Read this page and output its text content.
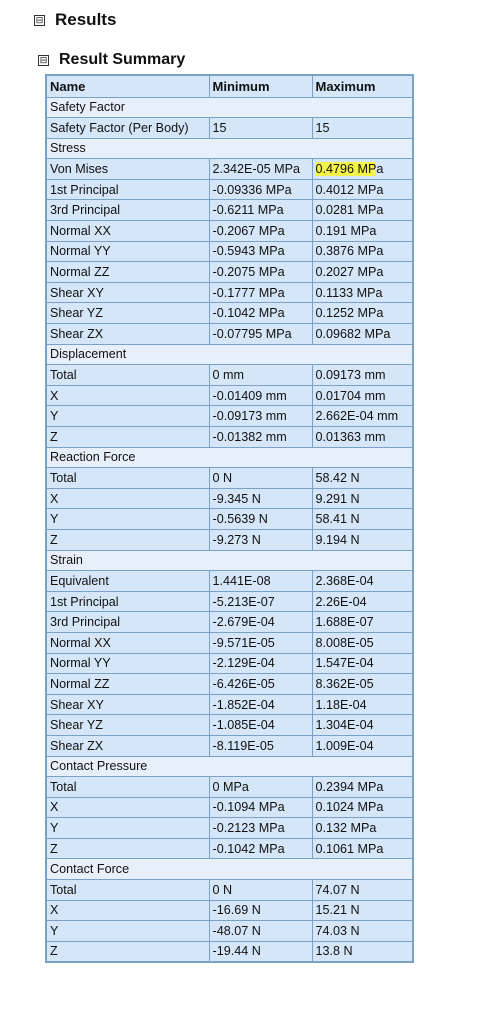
⊟ Results
⊟ Result Summary
Name	Minimum	Maximum
Safety Factor		
Safety Factor (Per Body)	15	15
Stress		
Von Mises	2.342E-05 MPa	0.4796 MPa
1st Principal	-0.09336 MPa	0.4012 MPa
3rd Principal	-0.6211 MPa	0.0281 MPa
Normal XX	-0.2067 MPa	0.191 MPa
Normal YY	-0.5943 MPa	0.3876 MPa
Normal ZZ	-0.2075 MPa	0.2027 MPa
Shear XY	-0.1777 MPa	0.1133 MPa
Shear YZ	-0.1042 MPa	0.1252 MPa
Shear ZX	-0.07795 MPa	0.09682 MPa
Displacement		
Total	0 mm	0.09173 mm
X	-0.01409 mm	0.01704 mm
Y	-0.09173 mm	2.662E-04 mm
Z	-0.01382 mm	0.01363 mm
Reaction Force		
Total	0 N	58.42 N
X	-9.345 N	9.291 N
Y	-0.5639 N	58.41 N
Z	-9.273 N	9.194 N
Strain		
Equivalent	1.441E-08	2.368E-04
1st Principal	-5.213E-07	2.26E-04
3rd Principal	-2.679E-04	1.688E-07
Normal XX	-9.571E-05	8.008E-05
Normal YY	-2.129E-04	1.547E-04
Normal ZZ	-6.426E-05	8.362E-05
Shear XY	-1.852E-04	1.18E-04
Shear YZ	-1.085E-04	1.304E-04
Shear ZX	-8.119E-05	1.009E-04
Contact Pressure		
Total	0 MPa	0.2394 MPa
X	-0.1094 MPa	0.1024 MPa
Y	-0.2123 MPa	0.132 MPa
Z	-0.1042 MPa	0.1061 MPa
Contact Force		
Total	0 N	74.07 N
X	-16.69 N	15.21 N
Y	-48.07 N	74.03 N
Z	-19.44 N	13.8 N
